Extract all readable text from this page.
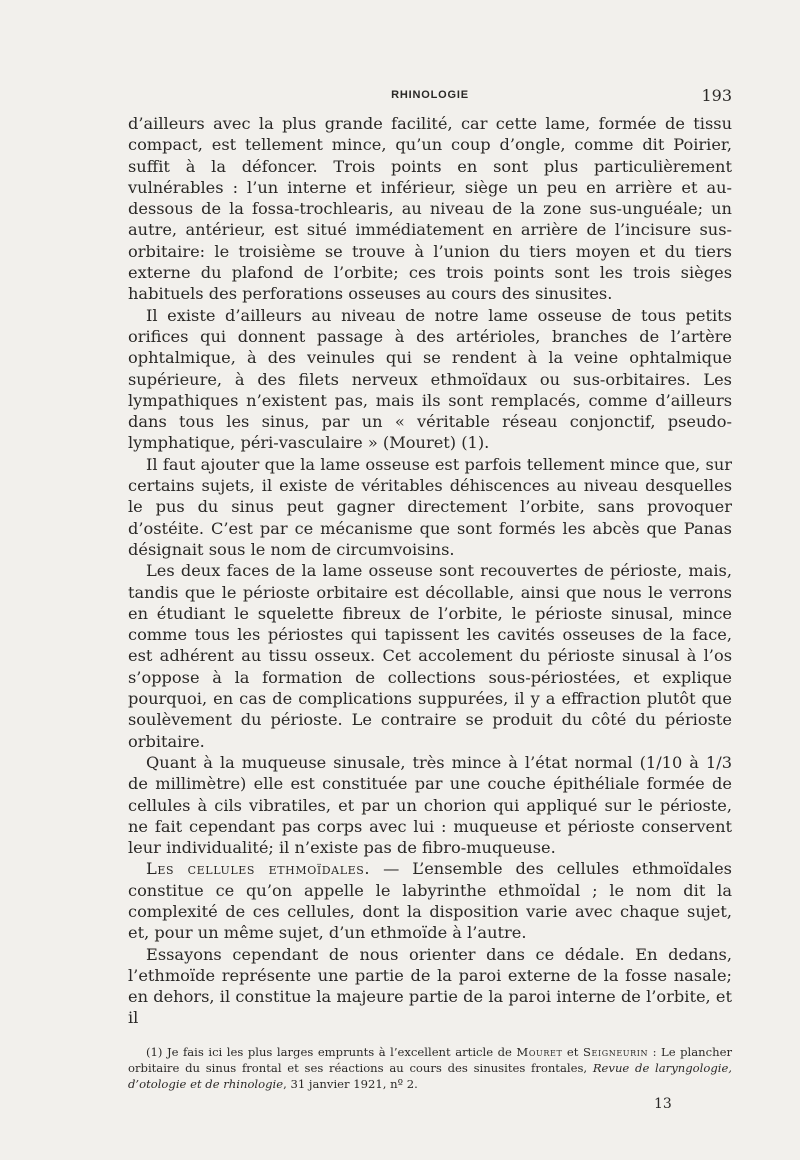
RHINOLOGIE	193

d’ailleurs avec la plus grande facilité, car cette lame, formée de tissu compact, est tellement mince, qu’un coup d’ongle, comme dit Poirier, suffit à la défoncer. Trois points en sont plus particulièrement vulnérables : l’un interne et inférieur, siège un peu en arrière et au-dessous de la fossa-trochlearis, au niveau de la zone sus-unguéale; un autre, antérieur, est situé immédiatement en arrière de l’incisure sus-orbitaire: le troisième se trouve à l’union du tiers moyen et du tiers externe du plafond de l’orbite; ces trois points sont les trois sièges habituels des perforations osseuses au cours des sinusites.

Il existe d’ailleurs au niveau de notre lame osseuse de tous petits orifices qui donnent passage à des artérioles, branches de l’artère ophtalmique, à des veinules qui se rendent à la veine ophtalmique supérieure, à des filets nerveux ethmoïdaux ou sus-orbitaires. Les lympathiques n’existent pas, mais ils sont remplacés, comme d’ailleurs dans tous les sinus, par un « véritable réseau conjonctif, pseudo-lymphatique, péri-vasculaire » (Mouret) (1).

Il faut ajouter que la lame osseuse est parfois tellement mince que, sur certains sujets, il existe de véritables déhiscences au niveau desquelles le pus du sinus peut gagner directement l’orbite, sans provoquer d’ostéite. C’est par ce mécanisme que sont formés les abcès que Panas désignait sous le nom de circumvoisins.

Les deux faces de la lame osseuse sont recouvertes de périoste, mais, tandis que le périoste orbitaire est décollable, ainsi que nous le verrons en étudiant le squelette fibreux de l’orbite, le périoste sinusal, mince comme tous les périostes qui tapissent les cavités osseuses de la face, est adhérent au tissu osseux. Cet accolement du périoste sinusal à l’os s’oppose à la formation de collections sous-périostées, et explique pourquoi, en cas de complications suppurées, il y a effraction plutôt que soulèvement du périoste. Le contraire se produit du côté du périoste orbitaire.

Quant à la muqueuse sinusale, très mince à l’état normal (1/10 à 1/3 de millimètre) elle est constituée par une couche épithéliale formée de cellules à cils vibratiles, et par un chorion qui appliqué sur le périoste, ne fait cependant pas corps avec lui : muqueuse et périoste conservent leur individualité; il n’existe pas de fibro-muqueuse.

Les cellules ethmoïdales. — L’ensemble des cellules ethmoïdales constitue ce qu’on appelle le labyrinthe ethmoïdal ; le nom dit la complexité de ces cellules, dont la disposition varie avec chaque sujet, et, pour un même sujet, d’un ethmoïde à l’autre.

Essayons cependant de nous orienter dans ce dédale. En dedans, l’ethmoïde représente une partie de la paroi externe de la fosse nasale; en dehors, il constitue la majeure partie de la paroi interne de l’orbite, et il

(1) Je fais ici les plus larges emprunts à l’excellent article de Mouret et Seigneurin : Le plancher orbitaire du sinus frontal et ses réactions au cours des sinusites frontales, Revue de laryngologie, d’otologie et de rhinologie, 31 janvier 1921, nº 2.

13
